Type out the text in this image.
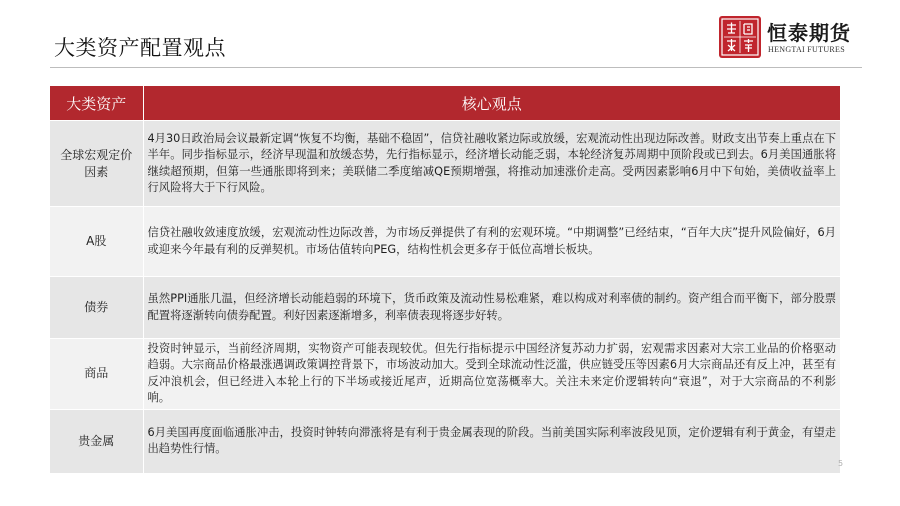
大类资产配置观点
恒泰期货
HENGTAI FUTURES
大类资产	核心观点
全球宏观定价因素	4月30日政治局会议最新定调“恢复不均衡，基础不稳固”，信贷社融收紧边际或放缓，宏观流动性出现边际改善。财政支出节奏上重点在下半年。同步指标显示，经济早现温和放缓态势，先行指标显示，经济增长动能乏弱，本轮经济复苏周期中顶阶段或已到去。6月美国通胀将继续超预期，但第一些通胀即将到来；美联储二季度缩减QE预期增强，将推动加速涨价走高。受两因素影响6月中下旬始，美债收益率上行风险将大于下行风险。
A股	信贷社融收敛速度放缓，宏观流动性边际改善，为市场反弹提供了有利的宏观环境。“中期调整”已经结束，“百年大庆”提升风险偏好，6月或迎来今年最有利的反弹契机。市场估值转向PEG，结构性机会更多存于低位高增长板块。
债券	虽然PPI通胀几温，但经济增长动能趋弱的环境下，货币政策及流动性易松难紧，难以构成对利率债的制约。资产组合而平衡下，部分股票配置将逐渐转向债券配置。利好因素逐渐增多，利率债表现将逐步好转。
商品	投资时钟显示，当前经济周期，实物资产可能表现较优。但先行指标提示中国经济复苏动力扩弱，宏观需求因素对大宗工业品的价格驱动趋弱。大宗商品价格最涨遇调政策调控背景下，市场波动加大。受到全球流动性泛滥，供应链受压等因素6月大宗商品还有反上冲，甚至有反冲浪机会，但已经进入本轮上行的下半场或接近尾声，近期高位宽荡概率大。关注未来定价逻辑转向“衰退”，对于大宗商品的不利影响。
贵金属	6月美国再度面临通胀冲击，投资时钟转向滞涨将是有利于贵金属表现的阶段。当前美国实际利率波段见顶，定价逻辑有利于黄金，有望走出趋势性行情。
5
